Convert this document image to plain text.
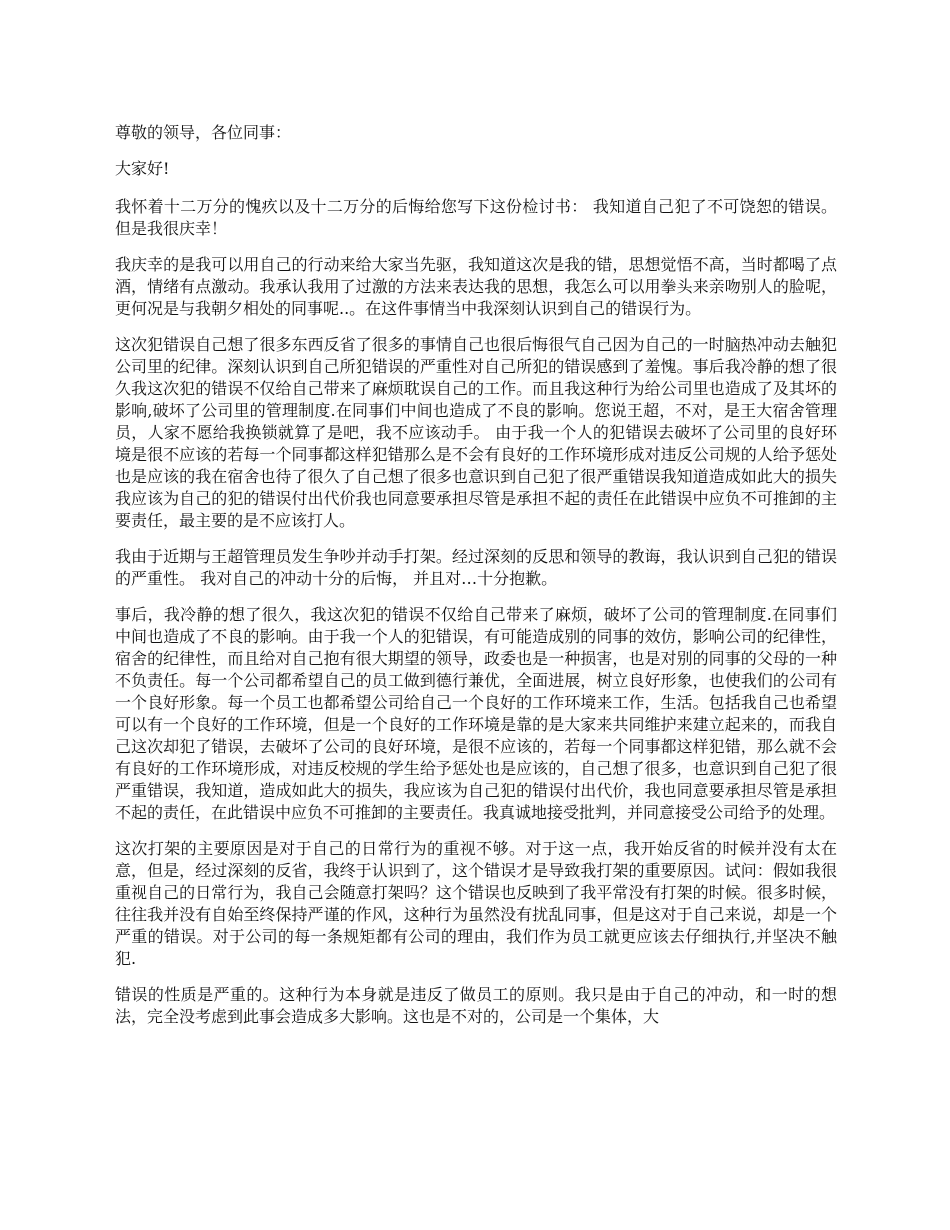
尊敬的领导，各位同事：

大家好!

我怀着十二万分的愧疚以及十二万分的后悔给您写下这份检讨书： 我知道自己犯了不可饶恕的错误。但是我很庆幸！

我庆幸的是我可以用自己的行动来给大家当先驱，我知道这次是我的错，思想觉悟不高，当时都喝了点酒，情绪有点激动。我承认我用了过激的方法来表达我的思想，我怎么可以用拳头来亲吻别人的脸呢，更何况是与我朝夕相处的同事呢..。在这件事情当中我深刻认识到自己的错误行为。

这次犯错误自己想了很多东西反省了很多的事情自己也很后悔很气自己因为自己的一时脑热冲动去触犯公司里的纪律。深刻认识到自己所犯错误的严重性对自己所犯的错误感到了羞愧。事后我冷静的想了很久我这次犯的错误不仅给自己带来了麻烦耽误自己的工作。而且我这种行为给公司里也造成了及其坏的影响,破坏了公司里的管理制度.在同事们中间也造成了不良的影响。您说王超，不对，是王大宿舍管理员，人家不愿给我换锁就算了是吧，我不应该动手。 由于我一个人的犯错误去破坏了公司里的良好环境是很不应该的若每一个同事都这样犯错那么是不会有良好的工作环境形成对违反公司规的人给予惩处也是应该的我在宿舍也待了很久了自己想了很多也意识到自己犯了很严重错误我知道造成如此大的损失我应该为自己的犯的错误付出代价我也同意要承担尽管是承担不起的责任在此错误中应负不可推卸的主要责任，最主要的是不应该打人。

我由于近期与王超管理员发生争吵并动手打架。经过深刻的反思和领导的教诲，我认识到自己犯的错误的严重性。 我对自己的冲动十分的后悔， 并且对…十分抱歉。

事后，我冷静的想了很久，我这次犯的错误不仅给自己带来了麻烦，破坏了公司的管理制度.在同事们中间也造成了不良的影响。由于我一个人的犯错误，有可能造成别的同事的效仿，影响公司的纪律性，宿舍的纪律性，而且给对自己抱有很大期望的领导，政委也是一种损害，也是对别的同事的父母的一种不负责任。每一个公司都希望自己的员工做到德行兼优，全面进展，树立良好形象，也使我们的公司有一个良好形象。每一个员工也都希望公司给自己一个良好的工作环境来工作，生活。包括我自己也希望可以有一个良好的工作环境，但是一个良好的工作环境是靠的是大家来共同维护来建立起来的，而我自己这次却犯了错误，去破坏了公司的良好环境，是很不应该的，若每一个同事都这样犯错，那么就不会有良好的工作环境形成，对违反校规的学生给予惩处也是应该的，自己想了很多，也意识到自己犯了很严重错误，我知道，造成如此大的损失，我应该为自己犯的错误付出代价，我也同意要承担尽管是承担不起的责任，在此错误中应负不可推卸的主要责任。我真诚地接受批判，并同意接受公司给予的处理。

这次打架的主要原因是对于自己的日常行为的重视不够。对于这一点，我开始反省的时候并没有太在意，但是，经过深刻的反省，我终于认识到了，这个错误才是导致我打架的重要原因。试问：假如我很重视自己的日常行为，我自己会随意打架吗？这个错误也反映到了我平常没有打架的时候。很多时候，往往我并没有自始至终保持严谨的作风，这种行为虽然没有扰乱同事，但是这对于自己来说，却是一个严重的错误。对于公司的每一条规矩都有公司的理由，我们作为员工就更应该去仔细执行,并坚决不触犯.

错误的性质是严重的。这种行为本身就是违反了做员工的原则。我只是由于自己的冲动，和一时的想法，完全没考虑到此事会造成多大影响。这也是不对的，公司是一个集体，大
